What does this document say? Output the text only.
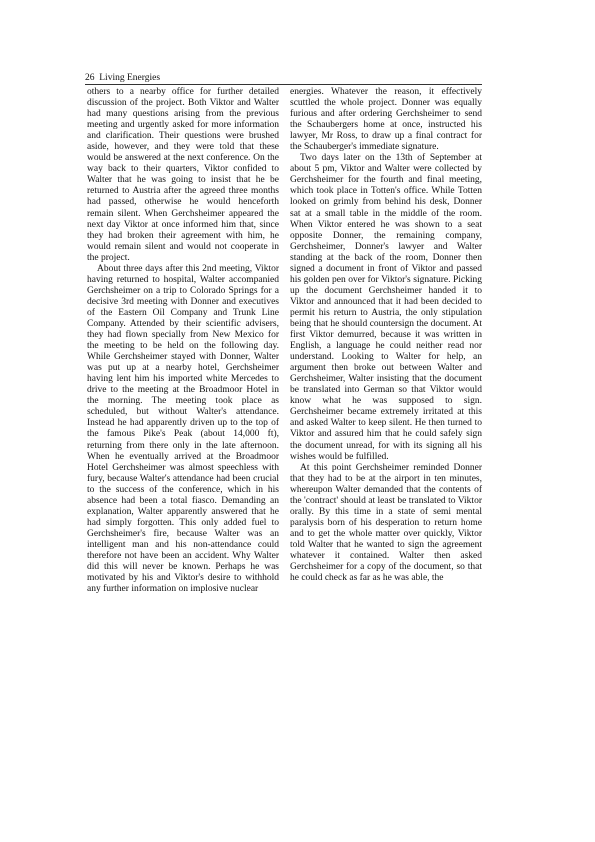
26 Living Energies

others to a nearby office for further detailed discussion of the project. Both Viktor and Walter had many questions arising from the previous meeting and urgently asked for more information and clarification. Their questions were brushed aside, however, and they were told that these would be answered at the next conference. On the way back to their quarters, Viktor confided to Walter that he was going to insist that he be returned to Austria after the agreed three months had passed, otherwise he would henceforth remain silent. When Gerchsheimer appeared the next day Viktor at once informed him that, since they had broken their agreement with him, he would remain silent and would not cooperate in the project.

About three days after this 2nd meeting, Viktor having returned to hospital, Walter accompanied Gerchsheimer on a trip to Colorado Springs for a decisive 3rd meeting with Donner and executives of the Eastern Oil Company and Trunk Line Company. Attended by their scientific advisers, they had flown specially from New Mexico for the meeting to be held on the following day. While Gerchsheimer stayed with Donner, Walter was put up at a nearby hotel, Gerchsheimer having lent him his imported white Mercedes to drive to the meeting at the Broadmoor Hotel in the morning. The meeting took place as scheduled, but without Walter's attendance. Instead he had apparently driven up to the top of the famous Pike's Peak (about 14,000 ft), returning from there only in the late afternoon. When he eventually arrived at the Broadmoor Hotel Gerchsheimer was almost speechless with fury, because Walter's attendance had been crucial to the success of the conference, which in his absence had been a total fiasco. Demanding an explanation, Walter apparently answered that he had simply forgotten. This only added fuel to Gerchsheimer's fire, because Walter was an intelligent man and his non-attendance could therefore not have been an accident. Why Walter did this will never be known. Perhaps he was motivated by his and Viktor's desire to withhold any further information on implosive nuclear

energies. Whatever the reason, it effectively scuttled the whole project. Donner was equally furious and after ordering Gerchsheimer to send the Schaubergers home at once, instructed his lawyer, Mr Ross, to draw up a final contract for the Schauberger's immediate signature.

Two days later on the 13th of September at about 5 pm, Viktor and Walter were collected by Gerchsheimer for the fourth and final meeting, which took place in Totten's office. While Totten looked on grimly from behind his desk, Donner sat at a small table in the middle of the room. When Viktor entered he was shown to a seat opposite Donner, the remaining company, Gerchsheimer, Donner's lawyer and Walter standing at the back of the room, Donner then signed a document in front of Viktor and passed his golden pen over for Viktor's signature. Picking up the document Gerchsheimer handed it to Viktor and announced that it had been decided to permit his return to Austria, the only stipulation being that he should countersign the document. At first Viktor demurred, because it was written in English, a language he could neither read nor understand. Looking to Walter for help, an argument then broke out between Walter and Gerchsheimer, Walter insisting that the document be translated into German so that Viktor would know what he was supposed to sign. Gerchsheimer became extremely irritated at this and asked Walter to keep silent. He then turned to Viktor and assured him that he could safely sign the document unread, for with its signing all his wishes would be fulfilled.

At this point Gerchsheimer reminded Donner that they had to be at the airport in ten minutes, whereupon Walter demanded that the contents of the 'contract' should at least be translated to Viktor orally. By this time in a state of semi mental paralysis born of his desperation to return home and to get the whole matter over quickly, Viktor told Walter that he wanted to sign the agreement whatever it contained. Walter then asked Gerchsheimer for a copy of the document, so that he could check as far as he was able, the
